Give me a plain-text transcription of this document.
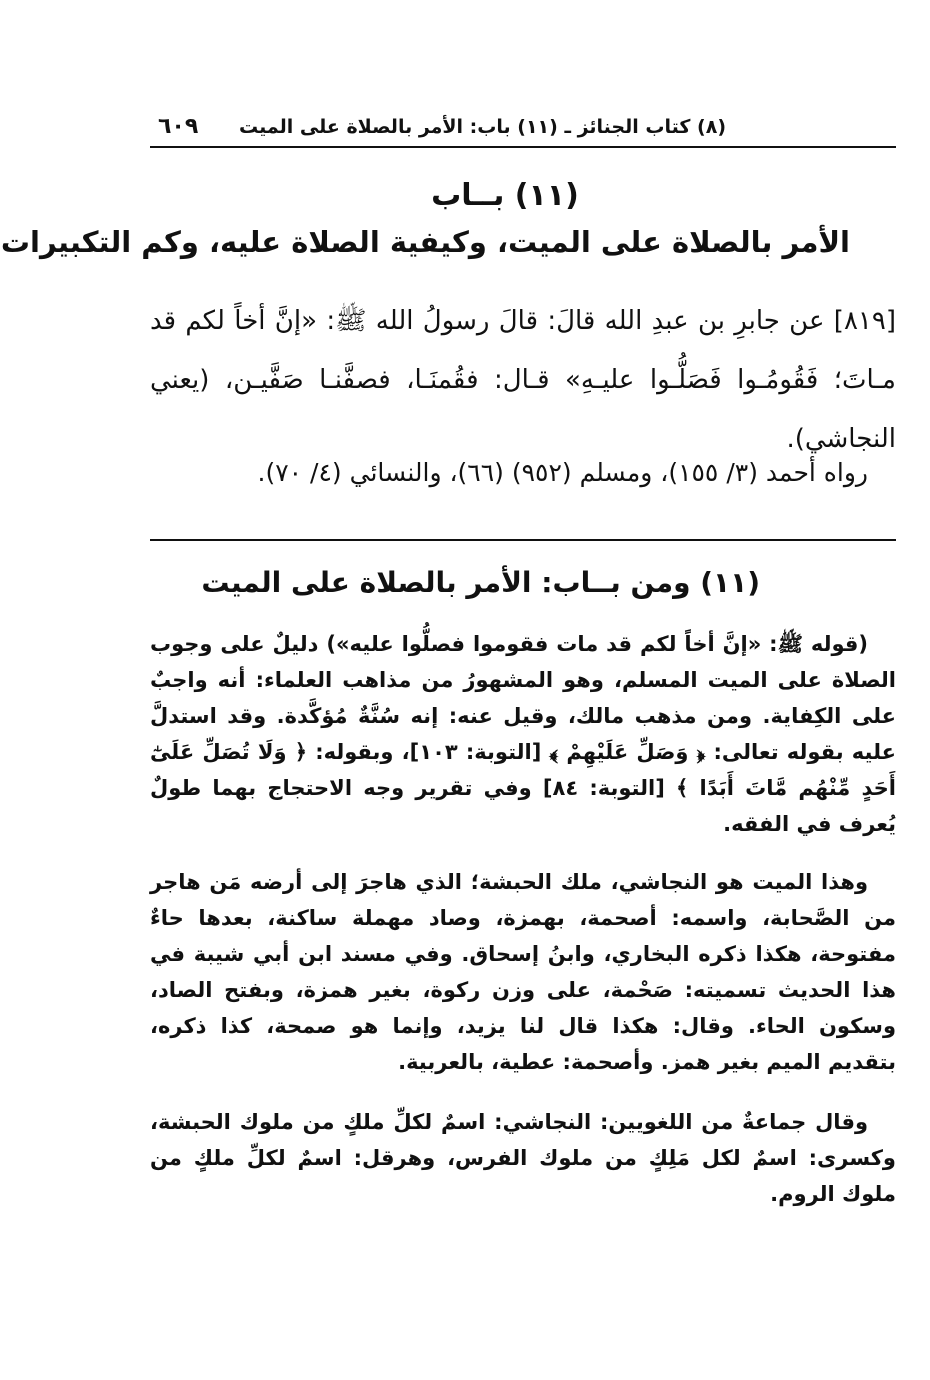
(٨) كتاب الجنائز ـ (١١) باب: الأمر بالصلاة على الميت
٦٠٩
(١١) بــاب
الأمر بالصلاة على الميت، وكيفية الصلاة عليه، وكم التكبيرات
[٨١٩] عن جابرِ بن عبدِ الله قالَ: قالَ رسولُ الله ﷺ: «إنَّ أخاً لكم قد مـاتَ؛ فَقُومُـوا فَصَلُّـوا عليـهِ» قـال: فقُمنَـا، فصفَّنـا صَفَّيـن، (يعني النجاشي).
رواه أحمد (٣/ ١٥٥)، ومسلم (٩٥٢) (٦٦)، والنسائي (٤/ ٧٠).
(١١) ومن بــاب: الأمر بالصلاة على الميت

(قوله ﷺ: «إنَّ أخاً لكم قد مات فقوموا فصلُّوا عليه») دليلٌ على وجوب الصلاة على الميت المسلم، وهو المشهورُ من مذاهب العلماء: أنه واجبٌ على الكِفاية. ومن مذهب مالك، وقيل عنه: إنه سُنَّةٌ مُؤكَّدة. وقد استدلَّ عليه بقوله تعالى: ﴿ وَصَلِّ عَلَيْهِمْ ﴾ [التوبة: ١٠٣]، وبقوله: ﴿ وَلَا تُصَلِّ عَلَىٰٓ أَحَدٍ مِّنْهُم مَّاتَ أَبَدًا ﴾ [التوبة: ٨٤] وفي تقرير وجه الاحتجاج بهما طولٌ يُعرف في الفقه.

وهذا الميت هو النجاشي، ملك الحبشة؛ الذي هاجرَ إلى أرضه مَن هاجر من الصَّحابة، واسمه: أصحمة، بهمزة، وصاد مهملة ساكنة، بعدها حاءٌ مفتوحة، هكذا ذكره البخاري، وابنُ إسحاق. وفي مسند ابن أبي شيبة في هذا الحديث تسميته: صَحْمة، على وزن ركوة، بغير همزة، وبفتح الصاد، وسكون الحاء. وقال: هكذا قال لنا يزيد، وإنما هو صمحة، كذا ذكره، بتقديم الميم بغير همز. وأصحمة: عطية، بالعربية.

وقال جماعةٌ من اللغويين: النجاشي: اسمٌ لكلِّ ملكٍ من ملوك الحبشة، وكسرى: اسمٌ لكل مَلِكٍ من ملوك الفرس، وهرقل: اسمٌ لكلِّ ملكٍ من ملوك الروم.
